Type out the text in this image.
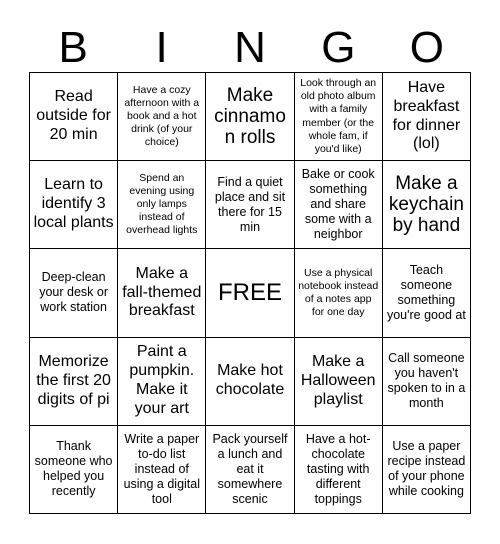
B	I	N	G	O
Read outside for 20 min
Have a cozy afternoon with a book and a hot drink (of your choice)
Make cinnamon rolls
Look through an old photo album with a family member (or the whole fam, if you'd like)
Have breakfast for dinner (lol)
Learn to identify 3 local plants
Spend an evening using only lamps instead of overhead lights
Find a quiet place and sit there for 15 min
Bake or cook something and share some with a neighbor
Make a keychain by hand
Deep-clean your desk or work station
Make a fall-themed breakfast
FREE
Use a physical notebook instead of a notes app for one day
Teach someone something you're good at
Memorize the first 20 digits of pi
Paint a pumpkin. Make it your art
Make hot chocolate
Make a Halloween playlist
Call someone you haven't spoken to in a month
Thank someone who helped you recently
Write a paper to-do list instead of using a digital tool
Pack yourself a lunch and eat it somewhere scenic
Have a hot-chocolate tasting with different toppings
Use a paper recipe instead of your phone while cooking
